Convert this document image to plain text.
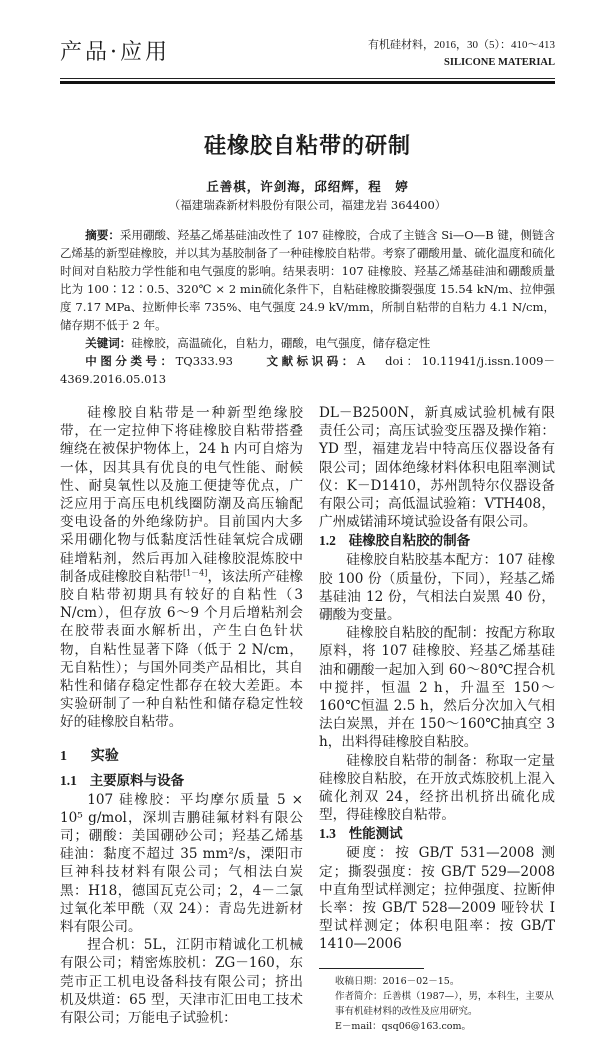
产品·应用	有机硅材料，2016，30（5）：410～413
SILICONE MATERIAL
硅橡胶自粘带的研制
丘善棋，许剑海，邱绍辉，程　婷
（福建瑞森新材料股份有限公司，福建龙岩 364400）

摘要：采用硼酸、羟基乙烯基硅油改性了 107 硅橡胶，合成了主链含 Si—O—B 键，侧链含乙烯基的新型硅橡胶，并以其为基胶制备了一种硅橡胶自粘带。考察了硼酸用量、硫化温度和硫化时间对自粘胶力学性能和电气强度的影响。结果表明：107 硅橡胶、羟基乙烯基硅油和硼酸质量比为 100∶12∶0.5、320℃ × 2 min硫化条件下，自粘硅橡胶撕裂强度 15.54 kN/m、拉伸强度 7.17 MPa、拉断伸长率 735%、电气强度 24.9 kV/mm，所制自粘带的自粘力 4.1 N/cm，储存期不低于 2 年。

关键词：硅橡胶，高温硫化，自粘力，硼酸，电气强度，储存稳定性

中图分类号：TQ333.93	文献标识码：A doi：10.11941/j.issn.1009－4369.2016.05.013

硅橡胶自粘带是一种新型绝缘胶带，在一定拉伸下将硅橡胶自粘带搭叠缠绕在被保护物体上，24 h 内可自熔为一体，因其具有优良的电气性能、耐候性、耐臭氧性以及施工便捷等优点，广泛应用于高压电机线圈防潮及高压输配变电设备的外绝缘防护。目前国内大多采用硼化物与低黏度活性硅氧烷合成硼硅增粘剂，然后再加入硅橡胶混炼胶中制备成硅橡胶自粘带[1－4]，该法所产硅橡胶自粘带初期具有较好的自粘性（3 N/cm），但存放 6～9 个月后增粘剂会在胶带表面水解析出，产生白色针状物，自粘性显著下降（低于 2 N/cm，无自粘性）；与国外同类产品相比，其自粘性和储存稳定性都存在较大差距。本实验研制了一种自粘性和储存稳定性较好的硅橡胶自粘带。

1 实验
1.1 主要原料与设备

107 硅橡胶：平均摩尔质量 5 × 10⁵ g/mol，深圳吉鹏硅氟材料有限公司；硼酸：美国硼砂公司；羟基乙烯基硅油：黏度不超过 35 mm²/s，溧阳市巨神科技材料有限公司；气相法白炭黑：H18，德国瓦克公司；2，4－二氯过氧化苯甲酰（双 24）：青岛先进新材料有限公司。

捏合机：5L，江阴市精诚化工机械有限公司；精密炼胶机：ZG－160，东莞市正工机电设备科技有限公司；挤出机及烘道：65 型，天津市汇田电工技术有限公司；万能电子试验机：

DL－B2500N，新真威试验机械有限责任公司；高压试验变压器及操作箱：YD 型，福建龙岩中特高压仪器设备有限公司；固体绝缘材料体积电阻率测试仪：K－D1410，苏州凯特尔仪器设备有限公司；高低温试验箱：VTH408，广州威锘浦环境试验设备有限公司。

1.2 硅橡胶自粘胶的制备

硅橡胶自粘胶基本配方：107 硅橡胶 100 份（质量份，下同），羟基乙烯基硅油 12 份，气相法白炭黑 40 份，硼酸为变量。

硅橡胶自粘胶的配制：按配方称取原料，将 107 硅橡胶、羟基乙烯基硅油和硼酸一起加入到 60～80℃捏合机中搅拌，恒温 2 h，升温至 150～160℃恒温 2.5 h，然后分次加入气相法白炭黑，并在 150～160℃抽真空 3 h，出料得硅橡胶自粘胶。

硅橡胶自粘带的制备：称取一定量硅橡胶自粘胶，在开放式炼胶机上混入硫化剂双 24，经挤出机挤出硫化成型，得硅橡胶自粘带。

1.3 性能测试

硬度：按 GB/T 531—2008 测定；撕裂强度：按 GB/T 529—2008 中直角型试样测定；拉伸强度、拉断伸长率：按 GB/T 528—2009 哑铃状 I 型试样测定；体积电阻率：按 GB/T 1410—2006

收稿日期：2016－02－15。

作者简介：丘善棋（1987—），男，本科生，主要从事有机硅材料的改性及应用研究。

E－mail：qsq06@163.com。
